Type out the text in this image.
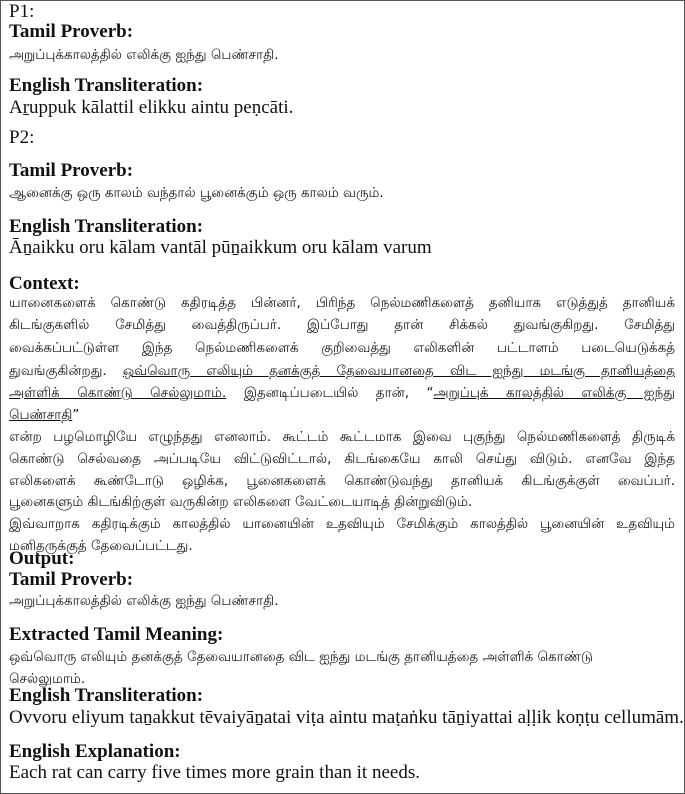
P1:
Tamil Proverb:
அறுப்புக்காலத்தில் எலிக்கு ஐந்து பெண்சாதி.
English Transliteration:
Aṟuppuk kālattil elikku aintu peṇcāti.
P2:
Tamil Proverb:
ஆனைக்கு ஒரு காலம் வந்தால் பூனைக்கும் ஒரு காலம் வரும்.
English Transliteration:
Āṉaikku oru kālam vantāl pūṉaikkum oru kālam varum
Context:
யானைகளைக் கொண்டு கதிரடித்த பின்னர், பிரிந்த நெல்மணிகளைத் தனியாக எடுத்துத் தானியக்
கிடங்குகளில் சேமித்து வைத்திருப்பர். இப்போது தான் சிக்கல் துவங்குகிறது. சேமித்து
வைக்கப்பட்டுள்ள இந்த நெல்மணிகளைக் குறிவைத்து எலிகளின் பட்டாளம் படையெடுக்கத்
துவங்குகின்றது. ஒவ்வொரு எலியும் தனக்குத் தேவையானதை விட ஐந்து மடங்கு தானியத்தை
அள்ளிக் கொண்டு செல்லுமாம். இதனடிப்படையில் தான், “அறுப்புக் காலத்தில் எலிக்கு ஐந்து
பெண்சாதி”
என்ற பழமொழியே எழுந்தது எனலாம். கூட்டம் கூட்டமாக இவை புகுந்து நெல்மணிகளைத் திருடிக்
கொண்டு செல்வதை அப்படியே விட்டுவிட்டால், கிடங்கையே காலி செய்து விடும். எனவே இந்த
எலிகளைக் கூண்டோடு ஒழிக்க, பூனைகளைக் கொண்டுவந்து தானியக் கிடங்குக்குள் வைப்பர்.
பூனைகளும் கிடங்கிற்குள் வருகின்ற எலிகளை வேட்டையாடித் தின்றுவிடும்.
இவ்வாறாக கதிரடிக்கும் காலத்தில் யானையின் உதவியும் சேமிக்கும் காலத்தில் பூனையின் உதவியும்
மனிதருக்குத் தேவைப்பட்டது.
Output:
Tamil Proverb:
அறுப்புக்காலத்தில் எலிக்கு ஐந்து பெண்சாதி.
Extracted Tamil Meaning:
ஒவ்வொரு எலியும் தனக்குத் தேவையானதை விட ஐந்து மடங்கு தானியத்தை அள்ளிக் கொண்டு
செல்லுமாம்.
English Transliteration:
Ovvoru eliyum taṉakkut tēvaiyāṉatai viṭa aintu maṭaṅku tāṉiyattai aḷḷik koṇṭu cellumām.
English Explanation:
Each rat can carry five times more grain than it needs.
